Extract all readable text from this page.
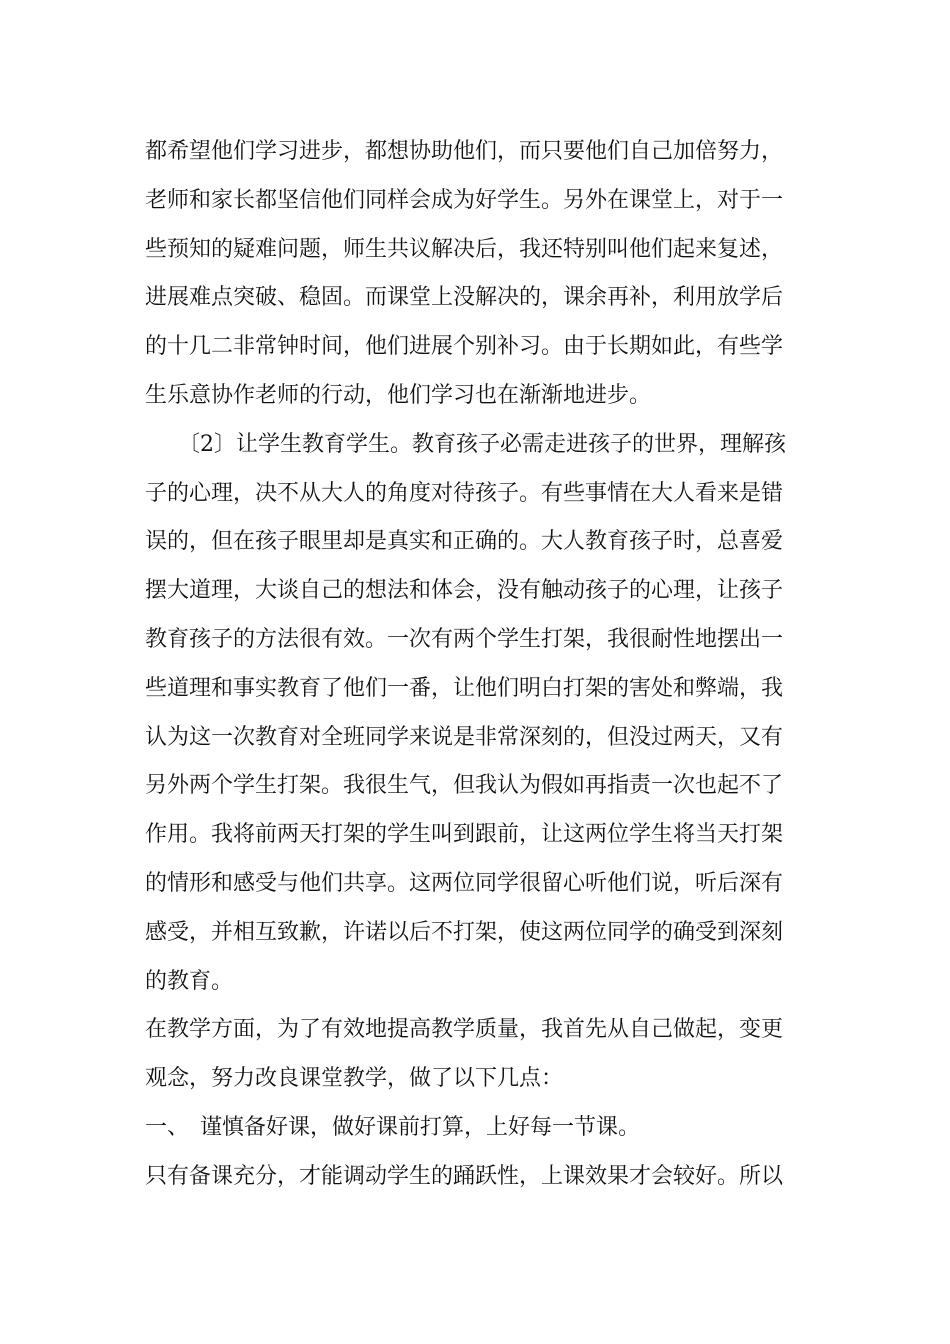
都希望他们学习进步，都想协助他们，而只要他们自己加倍努力，
老师和家长都坚信他们同样会成为好学生。另外在课堂上，对于一
些预知的疑难问题，师生共议解决后，我还特别叫他们起来复述，
进展难点突破、稳固。而课堂上没解决的，课余再补，利用放学后
的十几二非常钟时间，他们进展个别补习。由于长期如此，有些学
生乐意协作老师的行动，他们学习也在渐渐地进步。
　　〔2〕让学生教育学生。教育孩子必需走进孩子的世界，理解孩
子的心理，决不从大人的角度对待孩子。有些事情在大人看来是错
误的，但在孩子眼里却是真实和正确的。大人教育孩子时，总喜爱
摆大道理，大谈自己的想法和体会，没有触动孩子的心理，让孩子
教育孩子的方法很有效。一次有两个学生打架，我很耐性地摆出一
些道理和事实教育了他们一番，让他们明白打架的害处和弊端，我
认为这一次教育对全班同学来说是非常深刻的，但没过两天，又有
另外两个学生打架。我很生气，但我认为假如再指责一次也起不了
作用。我将前两天打架的学生叫到跟前，让这两位学生将当天打架
的情形和感受与他们共享。这两位同学很留心听他们说，听后深有
感受，并相互致歉，许诺以后不打架，使这两位同学的确受到深刻
的教育。
在教学方面，为了有效地提高教学质量，我首先从自己做起，变更
观念，努力改良课堂教学，做了以下几点：
一、　谨慎备好课，做好课前打算，上好每一节课。
只有备课充分，才能调动学生的踊跃性，上课效果才会较好。所以
